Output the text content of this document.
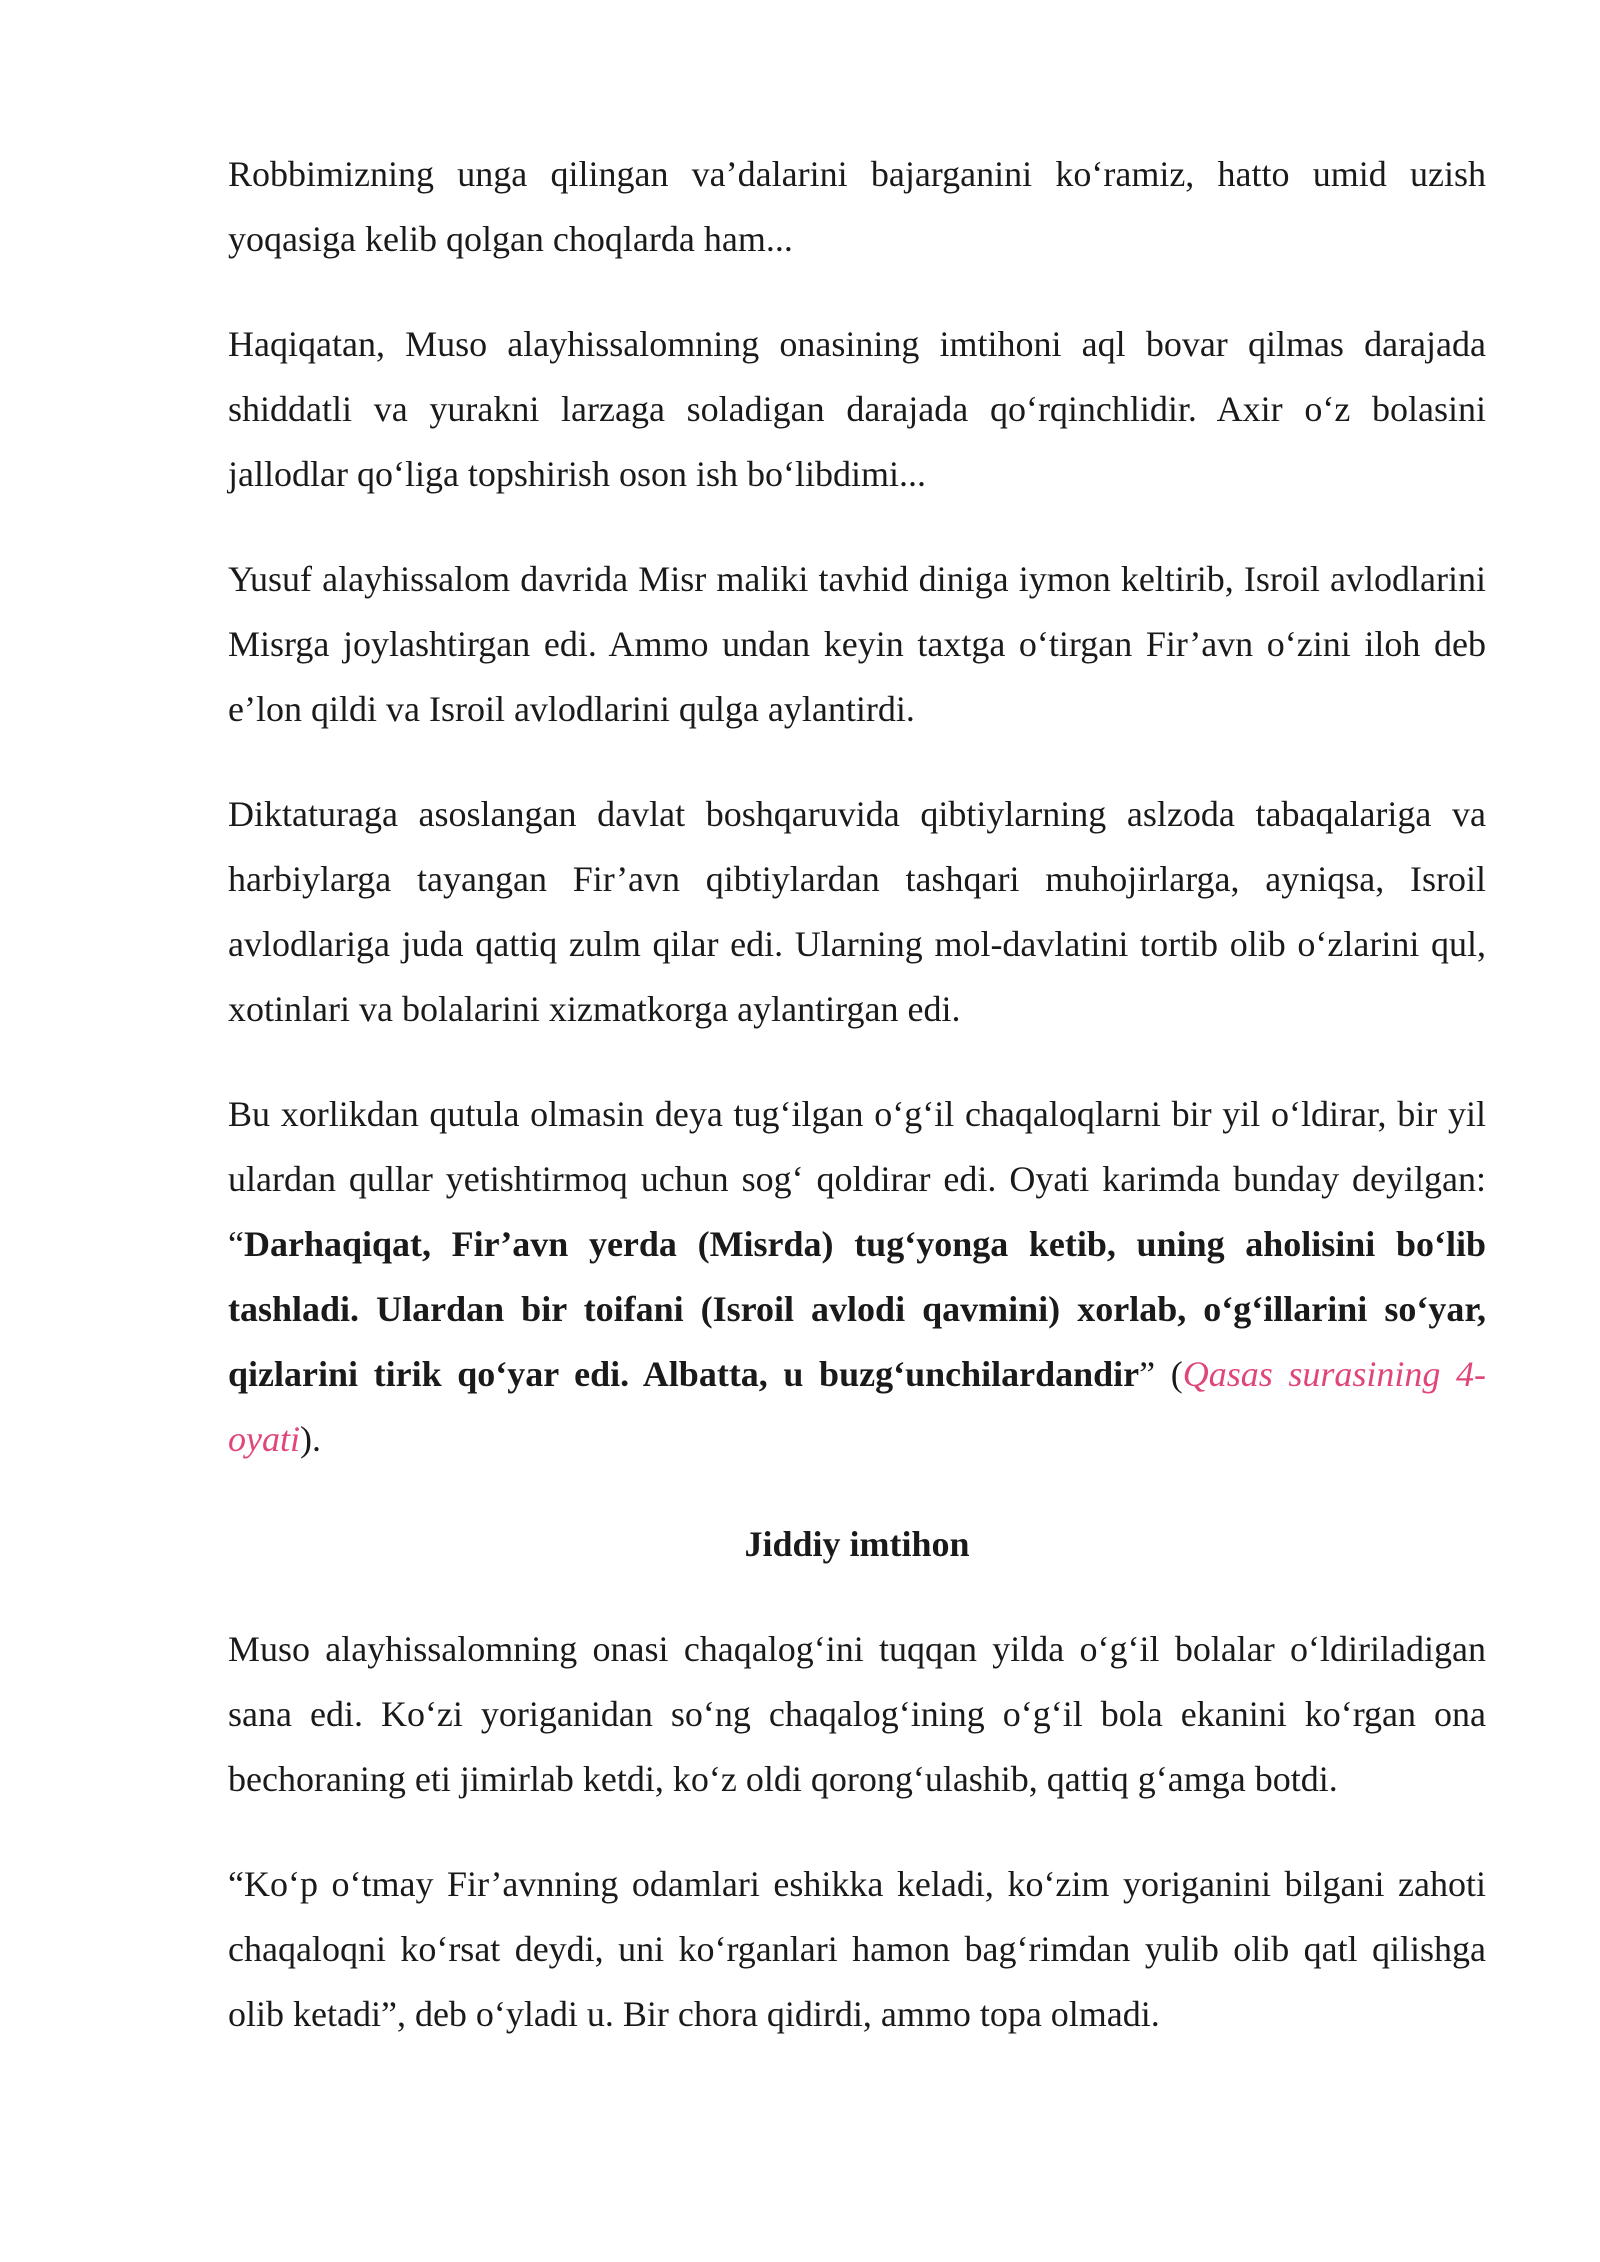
Robbimizning unga qilingan va’dalarini bajarganini ko‘ramiz, hatto umid uzish yoqasiga kelib qolgan choqlarda ham...

Haqiqatan, Muso alayhissalomning onasining imtihoni aql bovar qilmas darajada shiddatli va yurakni larzaga soladigan darajada qo‘rqinchlidir. Axir o‘z bolasini jallodlar qo‘liga topshirish oson ish bo‘libdimi...

Yusuf alayhissalom davrida Misr maliki tavhid diniga iymon keltirib, Isroil avlodlarini Misrga joylashtirgan edi. Ammo undan keyin taxtga o‘tirgan Fir’avn o‘zini iloh deb e’lon qildi va Isroil avlodlarini qulga aylantirdi.

Diktaturaga asoslangan davlat boshqaruvida qibtiylarning aslzoda tabaqalariga va harbiylarga tayangan Fir’avn qibtiylardan tashqari muhojirlarga, ayniqsa, Isroil avlodlariga juda qattiq zulm qilar edi. Ularning mol-davlatini tortib olib o‘zlarini qul, xotinlari va bolalarini xizmatkorga aylantirgan edi.

Bu xorlikdan qutula olmasin deya tug‘ilgan o‘g‘il chaqaloqlarni bir yil o‘ldirar, bir yil ulardan qullar yetishtirmoq uchun sog‘ qoldirar edi. Oyati karimda bunday deyilgan: “Darhaqiqat, Fir’avn yerda (Misrda) tug‘yonga ketib, uning aholisini bo‘lib tashladi. Ulardan bir toifani (Isroil avlodi qavmini) xorlab, o‘g‘illarini so‘yar, qizlarini tirik qo‘yar edi. Albatta, u buzg‘unchilardandir” (Qasas surasining 4-oyati).

Jiddiy imtihon

Muso alayhissalomning onasi chaqalog‘ini tuqqan yilda o‘g‘il bolalar o‘ldiriladigan sana edi. Ko‘zi yoriganidan so‘ng chaqalog‘ining o‘g‘il bola ekanini ko‘rgan ona bechoraning eti jimirlab ketdi, ko‘z oldi qorong‘ulashib, qattiq g‘amga botdi.

“Ko‘p o‘tmay Fir’avnning odamlari eshikka keladi, ko‘zim yoriganini bilgani zahoti chaqaloqni ko‘rsat deydi, uni ko‘rganlari hamon bag‘rimdan yulib olib qatl qilishga olib ketadi”, deb o‘yladi u. Bir chora qidirdi, ammo topa olmadi.
